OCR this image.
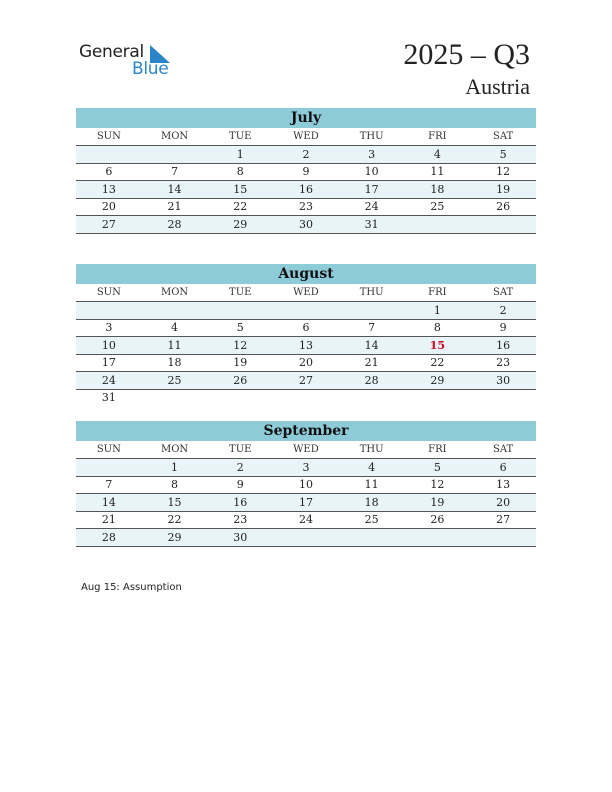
General
Blue	2025 – Q3
Austria
July
SUN	MON	TUE	WED	THU	FRI	SAT
		1	2	3	4	5
6	7	8	9	10	11	12
13	14	15	16	17	18	19
20	21	22	23	24	25	26
27	28	29	30	31		
August
SUN	MON	TUE	WED	THU	FRI	SAT
					1	2
3	4	5	6	7	8	9
10	11	12	13	14	15	16
17	18	19	20	21	22	23
24	25	26	27	28	29	30
31						
September
SUN	MON	TUE	WED	THU	FRI	SAT
	1	2	3	4	5	6
7	8	9	10	11	12	13
14	15	16	17	18	19	20
21	22	23	24	25	26	27
28	29	30				
Aug 15: Assumption
